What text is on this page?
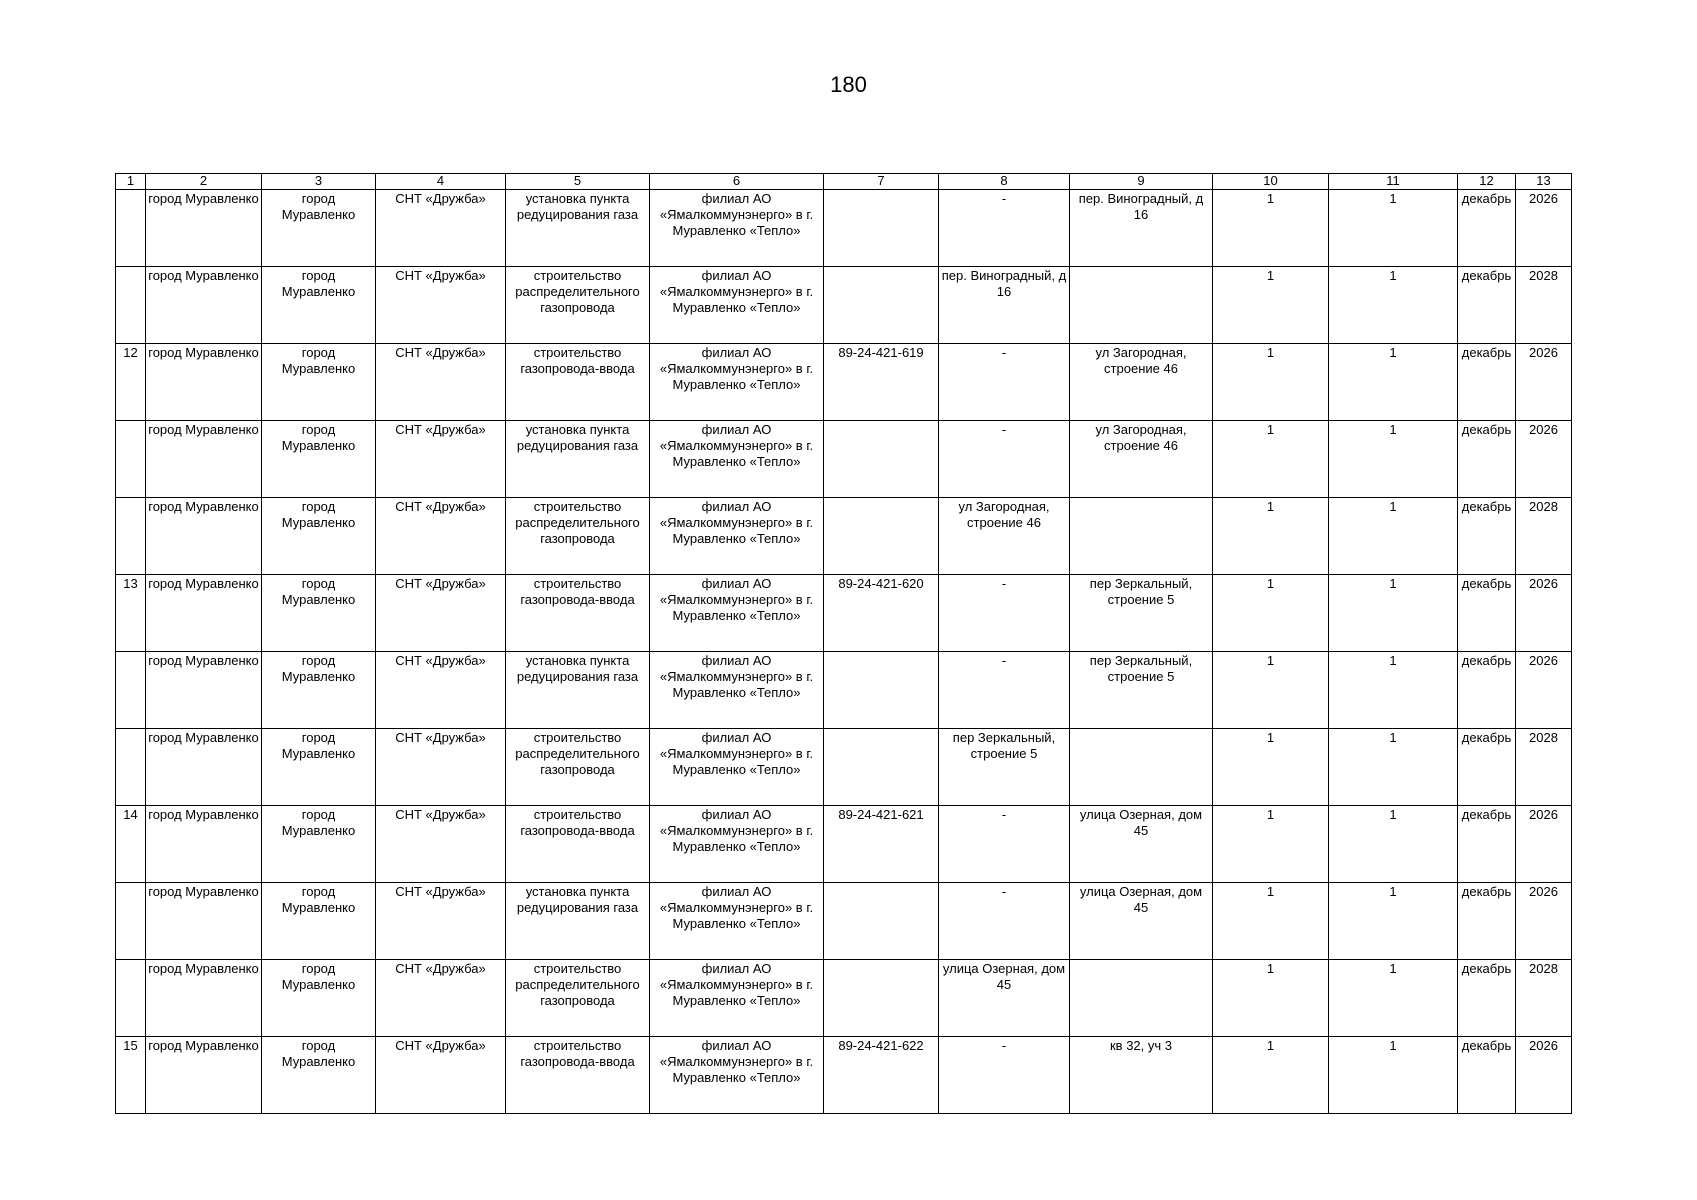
180
1	2	3	4	5	6	7	8	9	10	11	12	13
	город Муравленко	город Муравленко	СНТ «Дружба»	установка пункта редуцирования газа	филиал АО «Ямалкоммунэнерго» в г. Муравленко «Тепло»		-	пер. Виноградный, д 16	1	1	декабрь	2026
	город Муравленко	город Муравленко	СНТ «Дружба»	строительство распределительного газопровода	филиал АО «Ямалкоммунэнерго» в г. Муравленко «Тепло»		пер. Виноградный, д 16		1	1	декабрь	2028
12	город Муравленко	город Муравленко	СНТ «Дружба»	строительство газопровода-ввода	филиал АО «Ямалкоммунэнерго» в г. Муравленко «Тепло»	89-24-421-619	-	ул Загородная, строение 46	1	1	декабрь	2026
	город Муравленко	город Муравленко	СНТ «Дружба»	установка пункта редуцирования газа	филиал АО «Ямалкоммунэнерго» в г. Муравленко «Тепло»		-	ул Загородная, строение 46	1	1	декабрь	2026
	город Муравленко	город Муравленко	СНТ «Дружба»	строительство распределительного газопровода	филиал АО «Ямалкоммунэнерго» в г. Муравленко «Тепло»		ул Загородная, строение 46		1	1	декабрь	2028
13	город Муравленко	город Муравленко	СНТ «Дружба»	строительство газопровода-ввода	филиал АО «Ямалкоммунэнерго» в г. Муравленко «Тепло»	89-24-421-620	-	пер Зеркальный, строение 5	1	1	декабрь	2026
	город Муравленко	город Муравленко	СНТ «Дружба»	установка пункта редуцирования газа	филиал АО «Ямалкоммунэнерго» в г. Муравленко «Тепло»		-	пер Зеркальный, строение 5	1	1	декабрь	2026
	город Муравленко	город Муравленко	СНТ «Дружба»	строительство распределительного газопровода	филиал АО «Ямалкоммунэнерго» в г. Муравленко «Тепло»		пер Зеркальный, строение 5		1	1	декабрь	2028
14	город Муравленко	город Муравленко	СНТ «Дружба»	строительство газопровода-ввода	филиал АО «Ямалкоммунэнерго» в г. Муравленко «Тепло»	89-24-421-621	-	улица Озерная, дом 45	1	1	декабрь	2026
	город Муравленко	город Муравленко	СНТ «Дружба»	установка пункта редуцирования газа	филиал АО «Ямалкоммунэнерго» в г. Муравленко «Тепло»		-	улица Озерная, дом 45	1	1	декабрь	2026
	город Муравленко	город Муравленко	СНТ «Дружба»	строительство распределительного газопровода	филиал АО «Ямалкоммунэнерго» в г. Муравленко «Тепло»		улица Озерная, дом 45		1	1	декабрь	2028
15	город Муравленко	город Муравленко	СНТ «Дружба»	строительство газопровода-ввода	филиал АО «Ямалкоммунэнерго» в г. Муравленко «Тепло»	89-24-421-622	-	кв 32, уч 3	1	1	декабрь	2026
